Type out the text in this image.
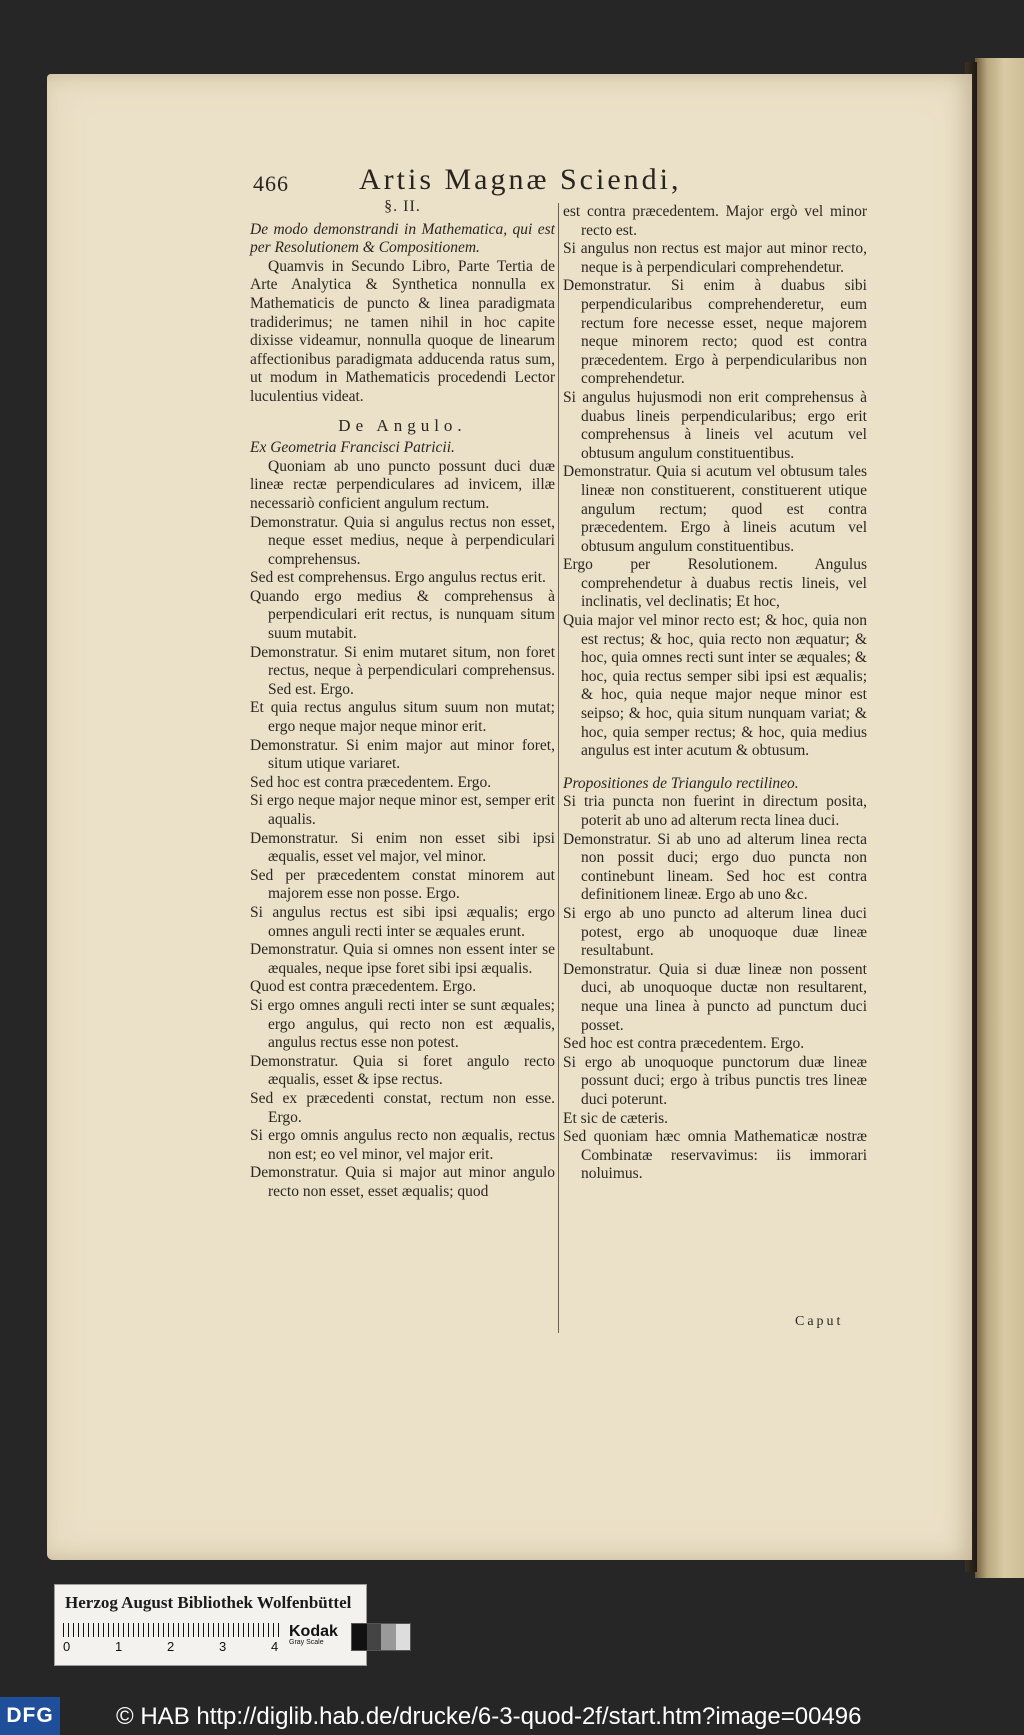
466 Artis Magnæ Sciendi,
§. II.

De modo demonstrandi in Mathematica, qui est per Resolutionem & Compositionem.

Quamvis in Secundo Libro, Parte Tertia de Arte Analytica & Synthetica nonnulla ex Mathematicis de puncto & linea paradigmata tradiderimus; ne tamen nihil in hoc capite dixisse videamur, nonnulla quoque de linearum affectionibus paradigmata adducenda ratus sum, ut modum in Mathematicis procedendi Lector luculentius videat.

De Angulo.

Ex Geometria Francisci Patricii.

Quoniam ab uno puncto possunt duci duæ lineæ rectæ perpendiculares ad invicem, illæ necessariò conficient angulum rectum.

Demonstratur. Quia si angulus rectus non esset, neque esset medius, neque à perpendiculari comprehensus.

Sed est comprehensus. Ergo angulus rectus erit.

Quando ergo medius & comprehensus à perpendiculari erit rectus, is nunquam situm suum mutabit.

Demonstratur. Si enim mutaret situm, non foret rectus, neque à perpendiculari comprehensus. Sed est. Ergo.

Et quia rectus angulus situm suum non mutat; ergo neque major neque minor erit.

Demonstratur. Si enim major aut minor foret, situm utique variaret.

Sed hoc est contra præcedentem. Ergo.

Si ergo neque major neque minor est, semper erit aqualis.

Demonstratur. Si enim non esset sibi ipsi æqualis, esset vel major, vel minor.

Sed per præcedentem constat minorem aut majorem esse non posse. Ergo.

Si angulus rectus est sibi ipsi æqualis; ergo omnes anguli recti inter se æquales erunt.

Demonstratur. Quia si omnes non essent inter se æquales, neque ipse foret sibi ipsi æqualis.

Quod est contra præcedentem. Ergo.

Si ergo omnes anguli recti inter se sunt æquales; ergo angulus, qui recto non est æqualis, angulus rectus esse non potest.

Demonstratur. Quia si foret angulo recto æqualis, esset & ipse rectus.

Sed ex præcedenti constat, rectum non esse. Ergo.

Si ergo omnis angulus recto non æqualis, rectus non est; eo vel minor, vel major erit.

Demonstratur. Quia si major aut minor angulo recto non esset, esset æqualis; quod

est contra præcedentem. Major ergò vel minor recto est.

Si angulus non rectus est major aut minor recto, neque is à perpendiculari comprehendetur.

Demonstratur. Si enim à duabus sibi perpendicularibus comprehenderetur, eum rectum fore necesse esset, neque majorem neque minorem recto; quod est contra præcedentem. Ergo à perpendicularibus non comprehendetur.

Si angulus hujusmodi non erit comprehensus à duabus lineis perpendicularibus; ergo erit comprehensus à lineis vel acutum vel obtusum angulum constituentibus.

Demonstratur. Quia si acutum vel obtusum tales lineæ non constituerent, constituerent utique angulum rectum; quod est contra præcedentem. Ergo à lineis acutum vel obtusum angulum constituentibus.

Ergo per Resolutionem. Angulus comprehendetur à duabus rectis lineis, vel inclinatis, vel declinatis; Et hoc,

Quia major vel minor recto est; & hoc, quia non est rectus; & hoc, quia recto non æquatur; & hoc, quia omnes recti sunt inter se æquales; & hoc, quia rectus semper sibi ipsi est æqualis; & hoc, quia neque major neque minor est seipso; & hoc, quia situm nunquam variat; & hoc, quia semper rectus; & hoc, quia medius angulus est inter acutum & obtusum.

Propositiones de Triangulo rectilineo.

Si tria puncta non fuerint in directum posita, poterit ab uno ad alterum recta linea duci.

Demonstratur. Si ab uno ad alterum linea recta non possit duci; ergo duo puncta non continebunt lineam. Sed hoc est contra definitionem lineæ. Ergo ab uno &c.

Si ergo ab uno puncto ad alterum linea duci potest, ergo ab unoquoque duæ lineæ resultabunt.

Demonstratur. Quia si duæ lineæ non possent duci, ab unoquoque ductæ non resultarent, neque una linea à puncto ad punctum duci posset.

Sed hoc est contra præcedentem. Ergo.

Si ergo ab unoquoque punctorum duæ lineæ possunt duci; ergo à tribus punctis tres lineæ duci poterunt.

Et sic de cæteris.

Sed quoniam hæc omnia Mathematicæ nostræ Combinatæ reservavimus: iis immorari noluimus.

Caput
Herzog August Bibliothek Wolfenbüttel
0	1	2	3	4
Kodak
Gray Scale
DFG	© HAB http://diglib.hab.de/drucke/6-3-quod-2f/start.htm?image=00496
